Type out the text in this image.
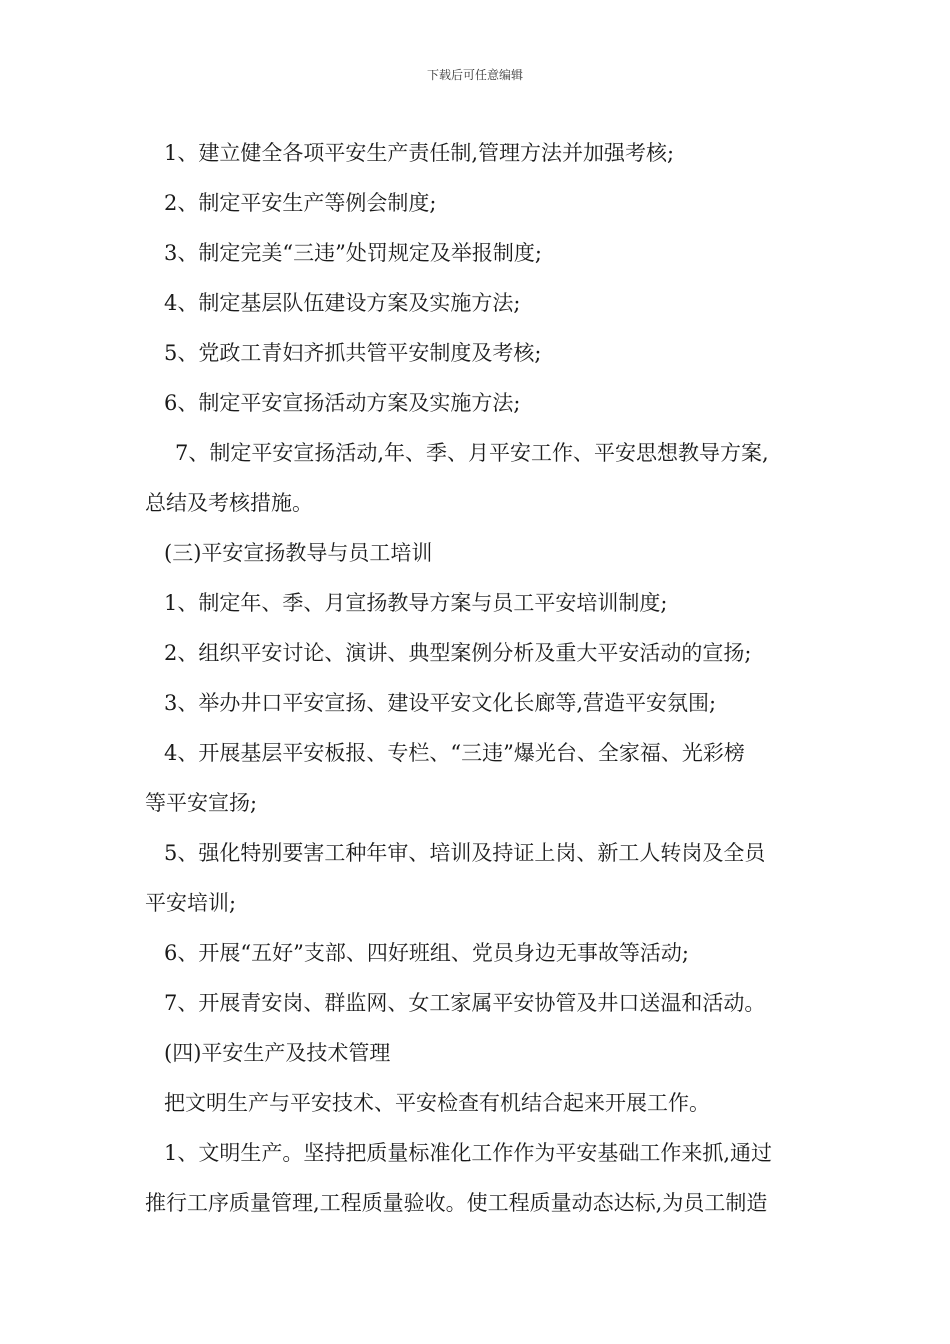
下载后可任意编辑
1、建立健全各项平安生产责任制,管理方法并加强考核;
2、制定平安生产等例会制度;
3、制定完美“三违”处罚规定及举报制度;
4、制定基层队伍建设方案及实施方法;
5、党政工青妇齐抓共管平安制度及考核;
6、制定平安宣扬活动方案及实施方法;
7、制定平安宣扬活动,年、季、月平安工作、平安思想教导方案,
总结及考核措施。
(三)平安宣扬教导与员工培训
1、制定年、季、月宣扬教导方案与员工平安培训制度;
2、组织平安讨论、演讲、典型案例分析及重大平安活动的宣扬;
3、举办井口平安宣扬、建设平安文化长廊等,营造平安氛围;
4、开展基层平安板报、专栏、“三违”爆光台、全家福、光彩榜
等平安宣扬;
5、强化特别要害工种年审、培训及持证上岗、新工人转岗及全员
平安培训;
6、开展“五好”支部、四好班组、党员身边无事故等活动;
7、开展青安岗、群监网、女工家属平安协管及井口送温和活动。
(四)平安生产及技术管理
把文明生产与平安技术、平安检查有机结合起来开展工作。
1、文明生产。坚持把质量标准化工作作为平安基础工作来抓,通过
推行工序质量管理,工程质量验收。使工程质量动态达标,为员工制造
